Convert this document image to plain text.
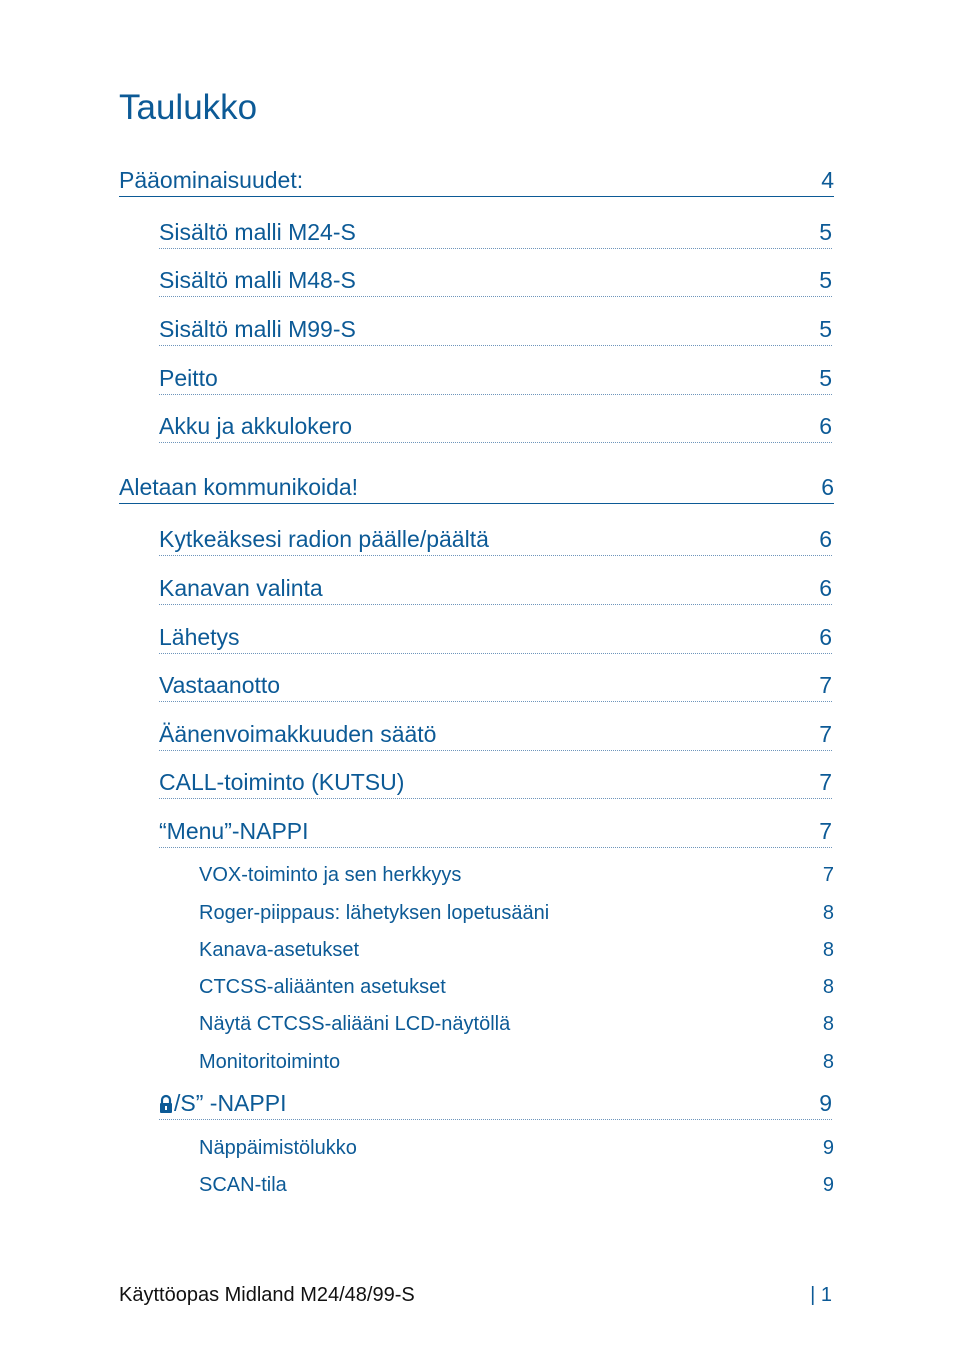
Taulukko
Pääominaisuudet:	4
Sisältö malli M24-S	5
Sisältö malli M48-S	5
Sisältö malli M99-S	5
Peitto	5
Akku ja akkulokero	6
Aletaan kommunikoida!	6
Kytkeäksesi radion päälle/päältä	6
Kanavan valinta	6
Lähetys	6
Vastaanotto	7
Äänenvoimakkuuden säätö	7
CALL-toiminto (KUTSU)	7
“Menu”-NAPPI	7
VOX-toiminto ja sen herkkyys	7
Roger-piippaus: lähetyksen lopetusääni	8
Kanava-asetukset	8
CTCSS-aliäänten asetukset	8
Näytä CTCSS-aliääni LCD-näytöllä	8
Monitoritoiminto	8
/S” -NAPPI	9
Näppäimistölukko	9
SCAN-tila	9
Käyttöopas Midland M24/48/99-S	| 1
